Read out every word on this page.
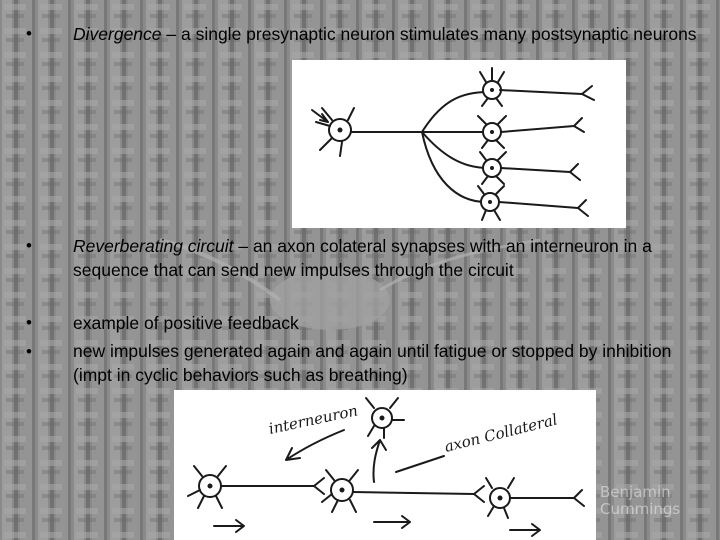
• Divergence – a single presynaptic neuron stimulates many postsynaptic neurons
• Reverberating circuit – an axon colateral synapses with an interneuron in a sequence that can send new impulses through the circuit
• example of positive feedback
• new impulses generated again and again until fatigue or stopped by inhibition (impt in cyclic behaviors such as breathing)
interneuron	axon Collateral
Benjamin
Cummings
